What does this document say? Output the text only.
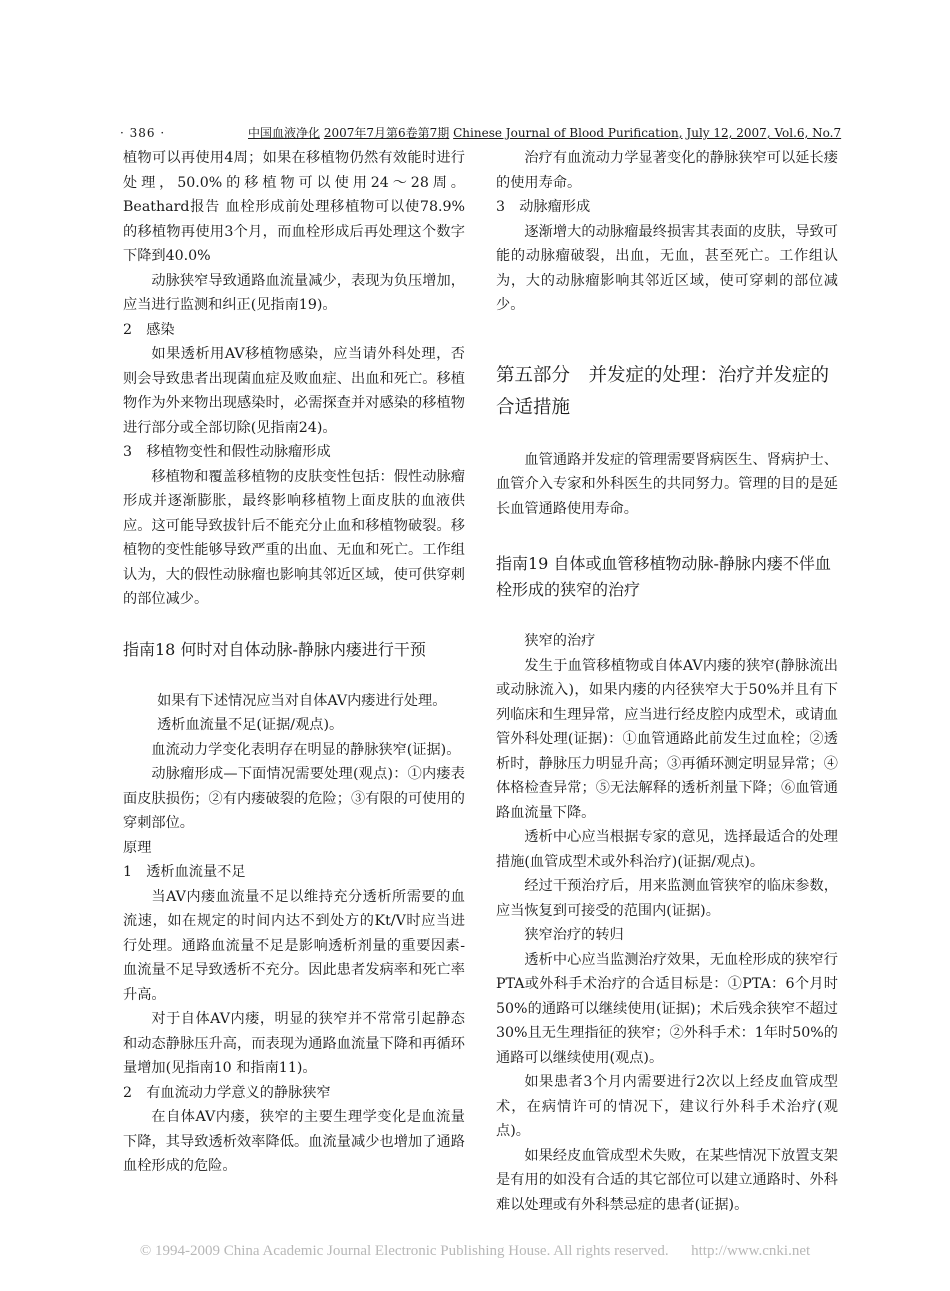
· 386 ·	中国血液净化 2007年7月第6卷第7期 Chinese Journal of Blood Purification, July 12, 2007, Vol.6, No.7

植物可以再使用4周；如果在移植物仍然有效能时进行处理，50.0%的移植物可以使用24～28周。Beathard报告 血栓形成前处理移植物可以使78.9%的移植物再使用3个月，而血栓形成后再处理这个数字下降到40.0%

动脉狭窄导致通路血流量减少，表现为负压增加，应当进行监测和纠正(见指南19)。

2　感染

如果透析用AV移植物感染，应当请外科处理，否则会导致患者出现菌血症及败血症、出血和死亡。移植物作为外来物出现感染时，必需探查并对感染的移植物进行部分或全部切除(见指南24)。

3　移植物变性和假性动脉瘤形成

移植物和覆盖移植物的皮肤变性包括：假性动脉瘤形成并逐渐膨胀，最终影响移植物上面皮肤的血液供应。这可能导致拔针后不能充分止血和移植物破裂。移植物的变性能够导致严重的出血、无血和死亡。工作组认为，大的假性动脉瘤也影响其邻近区域，使可供穿刺的部位减少。

指南18 何时对自体动脉-静脉内瘘进行干预

如果有下述情况应当对自体AV内瘘进行处理。

透析血流量不足(证据/观点)。

血流动力学变化表明存在明显的静脉狭窄(证据)。

动脉瘤形成—下面情况需要处理(观点)：①内瘘表面皮肤损伤；②有内瘘破裂的危险；③有限的可使用的穿刺部位。

原理

1　透析血流量不足

当AV内瘘血流量不足以维持充分透析所需要的血流速，如在规定的时间内达不到处方的Kt/V时应当进行处理。通路血流量不足是影响透析剂量的重要因素-血流量不足导致透析不充分。因此患者发病率和死亡率升高。

对于自体AV内瘘，明显的狭窄并不常常引起静态和动态静脉压升高，而表现为通路血流量下降和再循环量增加(见指南10 和指南11)。

2　有血流动力学意义的静脉狭窄

在自体AV内瘘，狭窄的主要生理学变化是血流量下降，其导致透析效率降低。血流量减少也增加了通路血栓形成的危险。

治疗有血流动力学显著变化的静脉狭窄可以延长瘘的使用寿命。

3　动脉瘤形成

逐渐增大的动脉瘤最终损害其表面的皮肤，导致可能的动脉瘤破裂，出血，无血，甚至死亡。工作组认为，大的动脉瘤影响其邻近区域，使可穿刺的部位减少。

第五部分　并发症的处理：治疗并发症的合适措施

血管通路并发症的管理需要肾病医生、肾病护士、血管介入专家和外科医生的共同努力。管理的目的是延长血管通路使用寿命。

指南19 自体或血管移植物动脉-静脉内瘘不伴血栓形成的狭窄的治疗

狭窄的治疗

发生于血管移植物或自体AV内瘘的狭窄(静脉流出或动脉流入)，如果内瘘的内径狭窄大于50%并且有下列临床和生理异常，应当进行经皮腔内成型术，或请血管外科处理(证据)：①血管通路此前发生过血栓；②透析时，静脉压力明显升高；③再循环测定明显异常；④体格检查异常；⑤无法解释的透析剂量下降；⑥血管通路血流量下降。

透析中心应当根据专家的意见，选择最适合的处理措施(血管成型术或外科治疗)(证据/观点)。

经过干预治疗后，用来监测血管狭窄的临床参数，应当恢复到可接受的范围内(证据)。

狭窄治疗的转归

透析中心应当监测治疗效果，无血栓形成的狭窄行PTA或外科手术治疗的合适目标是：①PTA：6个月时50%的通路可以继续使用(证据)；术后残余狭窄不超过30%且无生理指征的狭窄；②外科手术：1年时50%的通路可以继续使用(观点)。

如果患者3个月内需要进行2次以上经皮血管成型术，在病情许可的情况下，建议行外科手术治疗(观点)。

如果经皮血管成型术失败，在某些情况下放置支架是有用的如没有合适的其它部位可以建立通路时、外科难以处理或有外科禁忌症的患者(证据)。

© 1994-2009 China Academic Journal Electronic Publishing House. All rights reserved. http://www.cnki.net
